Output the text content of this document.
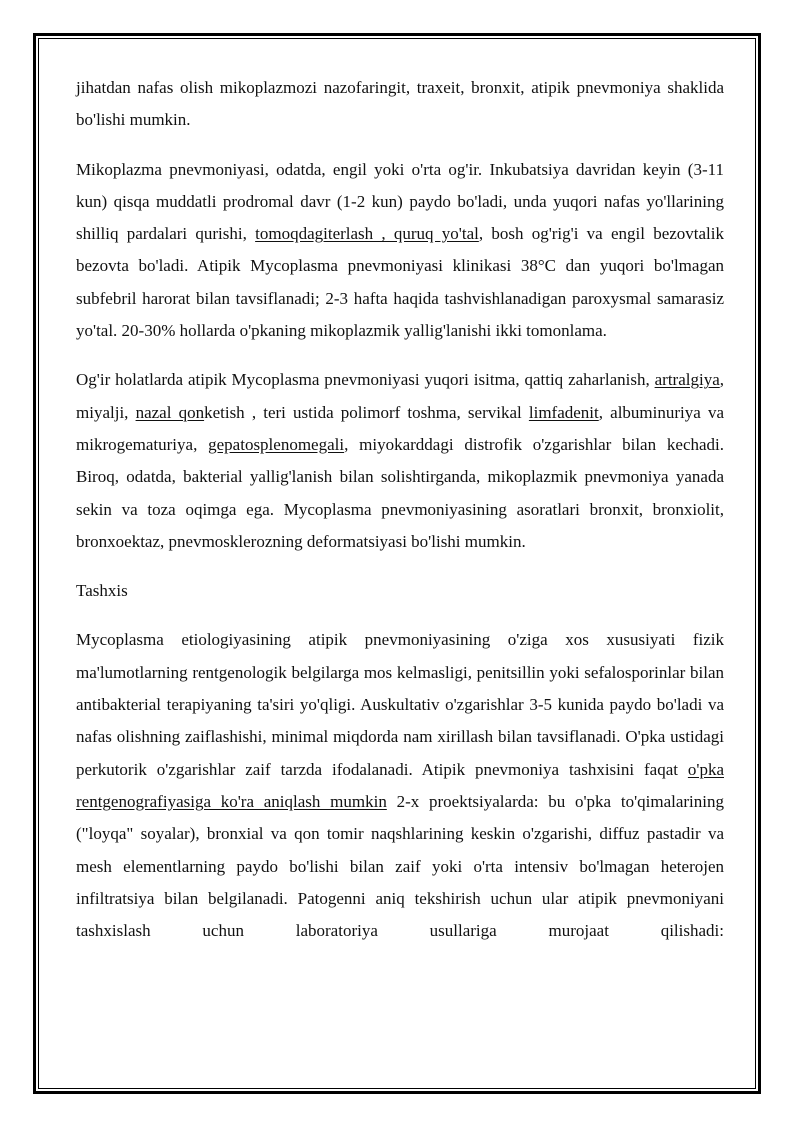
jihatdan nafas olish mikoplazmozi nazofaringit, traxeit, bronxit, atipik pnevmoniya shaklida bo'lishi mumkin.

Mikoplazma pnevmoniyasi, odatda, engil yoki o'rta og'ir. Inkubatsiya davridan keyin (3-11 kun) qisqa muddatli prodromal davr (1-2 kun) paydo bo'ladi, unda yuqori nafas yo'llarining shilliq pardalari qurishi, tomoqdagiterlash , quruq yo'tal, bosh og'rig'i va engil bezovtalik bezovta bo'ladi. Atipik Mycoplasma pnevmoniyasi klinikasi 38°C dan yuqori bo'lmagan subfebril harorat bilan tavsiflanadi; 2-3 hafta haqida tashvishlanadigan paroxysmal samarasiz yo'tal. 20-30% hollarda o'pkaning mikoplazmik yallig'lanishi ikki tomonlama.

Og'ir holatlarda atipik Mycoplasma pnevmoniyasi yuqori isitma, qattiq zaharlanish, artralgiya, miyalji, nazal qonketish , teri ustida polimorf toshma, servikal limfadenit, albuminuriya va mikrogematuriya, gepatosplenomegali, miyokarddagi distrofik o'zgarishlar bilan kechadi. Biroq, odatda, bakterial yallig'lanish bilan solishtirganda, mikoplazmik pnevmoniya yanada sekin va toza oqimga ega. Mycoplasma pnevmoniyasining asoratlari bronxit, bronxiolit, bronxoektaz, pnevmosklerozning deformatsiyasi bo'lishi mumkin.

Tashxis

Mycoplasma etiologiyasining atipik pnevmoniyasining o'ziga xos xususiyati fizik ma'lumotlarning rentgenologik belgilarga mos kelmasligi, penitsillin yoki sefalosporinlar bilan antibakterial terapiyaning ta'siri yo'qligi. Auskultativ o'zgarishlar 3-5 kunida paydo bo'ladi va nafas olishning zaiflashishi, minimal miqdorda nam xirillash bilan tavsiflanadi. O'pka ustidagi perkutorik o'zgarishlar zaif tarzda ifodalanadi. Atipik pnevmoniya tashxisini faqat o'pka rentgenografiyasiga ko'ra aniqlash mumkin 2-x proektsiyalarda: bu o'pka to'qimalarining ("loyqa" soyalar), bronxial va qon tomir naqshlarining keskin o'zgarishi, diffuz pastadir va mesh elementlarning paydo bo'lishi bilan zaif yoki o'rta intensiv bo'lmagan heterojen infiltratsiya bilan belgilanadi. Patogenni aniq tekshirish uchun ular atipik pnevmoniyani tashxislash uchun laboratoriya usullariga murojaat qilishadi:
